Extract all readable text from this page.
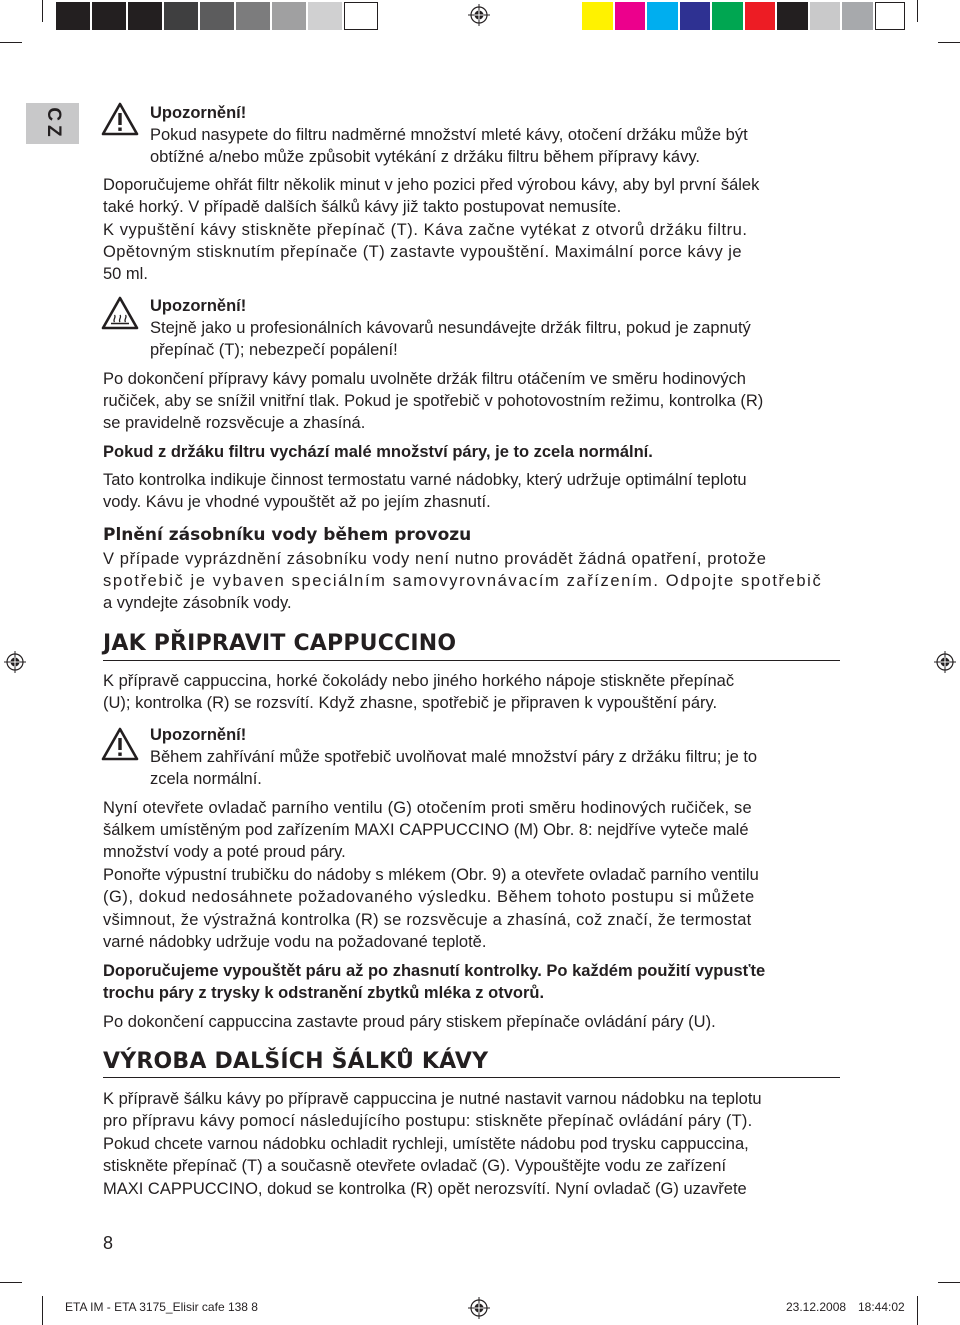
CZ	Upozornění!
Pokud nasypete do filtru nadměrné množství mleté kávy, otočení držáku může být
obtížné a/nebo může způsobit vytékání z držáku filtru během přípravy kávy.
Doporučujeme ohřát filtr několik minut v jeho pozici před výrobou kávy, aby byl první šálek
také horký. V případě dalších šálků kávy již takto postupovat nemusíte.
K vypuštění kávy stiskněte přepínač (T). Káva začne vytékat z otvorů držáku filtru.
Opětovným stisknutím přepínače (T) zastavte vypouštění. Maximální porce kávy je
50 ml.
Upozornění!
Stejně jako u profesionálních kávovarů nesundávejte držák filtru, pokud je zapnutý
přepínač (T); nebezpečí popálení!
Po dokončení přípravy kávy pomalu uvolněte držák filtru otáčením ve směru hodinových
ručiček, aby se snížil vnitřní tlak. Pokud je spotřebič v pohotovostním režimu, kontrolka (R)
se pravidelně rozsvěcuje a zhasíná.
Pokud z držáku filtru vychází malé množství páry, je to zcela normální.
Tato kontrolka indikuje činnost termostatu varné nádobky, který udržuje optimální teplotu
vody. Kávu je vhodné vypouštět až po jejím zhasnutí.
Plnění zásobníku vody během provozu
V případe vyprázdnění zásobníku vody není nutno provádět žádná opatření, protože
spotřebič je vybaven speciálním samovyrovnávacím zařízením. Odpojte spotřebič
a vyndejte zásobník vody.
JAK PŘIPRAVIT CAPPUCCINO
K přípravě cappuccina, horké čokolády nebo jiného horkého nápoje stiskněte přepínač
(U); kontrolka (R) se rozsvítí. Když zhasne, spotřebič je připraven k vypouštění páry.
Upozornění!
Během zahřívání může spotřebič uvolňovat malé množství páry z držáku filtru; je to
zcela normální.
Nyní otevřete ovladač parního ventilu (G) otočením proti směru hodinových ručiček, se
šálkem umístěným pod zařízením MAXI CAPPUCCINO (M) Obr. 8: nejdříve vyteče malé
množství vody a poté proud páry.
Ponořte výpustní trubičku do nádoby s mlékem (Obr. 9) a otevřete ovladač parního ventilu
(G), dokud nedosáhnete požadovaného výsledku. Během tohoto postupu si můžete
všimnout, že výstražná kontrolka (R) se rozsvěcuje a zhasíná, což značí, že termostat
varné nádobky udržuje vodu na požadované teplotě.
Doporučujeme vypouštět páru až po zhasnutí kontrolky. Po každém použití vypusťte
trochu páry z trysky k odstranění zbytků mléka z otvorů.
Po dokončení cappuccina zastavte proud páry stiskem přepínače ovládání páry (U).
VÝROBA DALŠÍCH ŠÁLKŮ KÁVY
K přípravě šálku kávy po přípravě cappuccina je nutné nastavit varnou nádobku na teplotu
pro přípravu kávy pomocí následujícího postupu: stiskněte přepínač ovládání páry (T).
Pokud chcete varnou nádobku ochladit rychleji, umístěte nádobu pod trysku cappuccina,
stiskněte přepínač (T) a současně otevřete ovladač (G). Vypouštějte vodu ze zařízení
MAXI CAPPUCCINO, dokud se kontrolka (R) opět nerozsvítí. Nyní ovladač (G) uzavřete
8
ETA IM - ETA 3175_Elisir cafe 138 8	23.12.2008 18:44:02
